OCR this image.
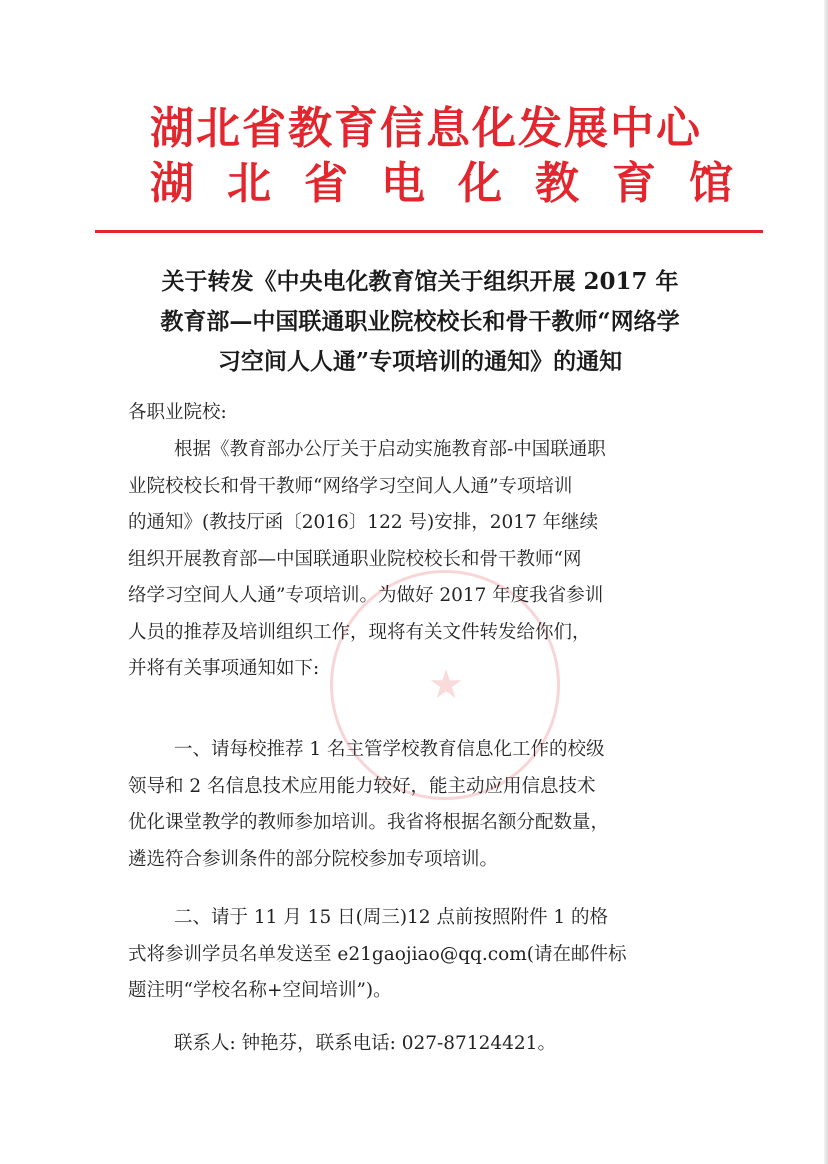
湖北省教育信息化发展中心
湖北省电化教育馆
★
关于转发《中央电化教育馆关于组织开展 2017 年
教育部—中国联通职业院校校长和骨干教师“网络学
习空间人人通”专项培训的通知》的通知
各职业院校:
根据《教育部办公厅关于启动实施教育部-中国联通职
业院校校长和骨干教师“网络学习空间人人通”专项培训
的通知》(教技厅函〔2016〕122 号)安排，2017 年继续
组织开展教育部—中国联通职业院校校长和骨干教师“网
络学习空间人人通”专项培训。为做好 2017 年度我省参训
人员的推荐及培训组织工作，现将有关文件转发给你们，
并将有关事项通知如下:
一、请每校推荐 1 名主管学校教育信息化工作的校级
领导和 2 名信息技术应用能力较好，能主动应用信息技术
优化课堂教学的教师参加培训。我省将根据名额分配数量，
遴选符合参训条件的部分院校参加专项培训。
二、请于 11 月 15 日(周三)12 点前按照附件 1 的格
式将参训学员名单发送至 e21gaojiao@qq.com(请在邮件标
题注明“学校名称+空间培训”)。
联系人: 钟艳芬，联系电话: 027-87124421。
